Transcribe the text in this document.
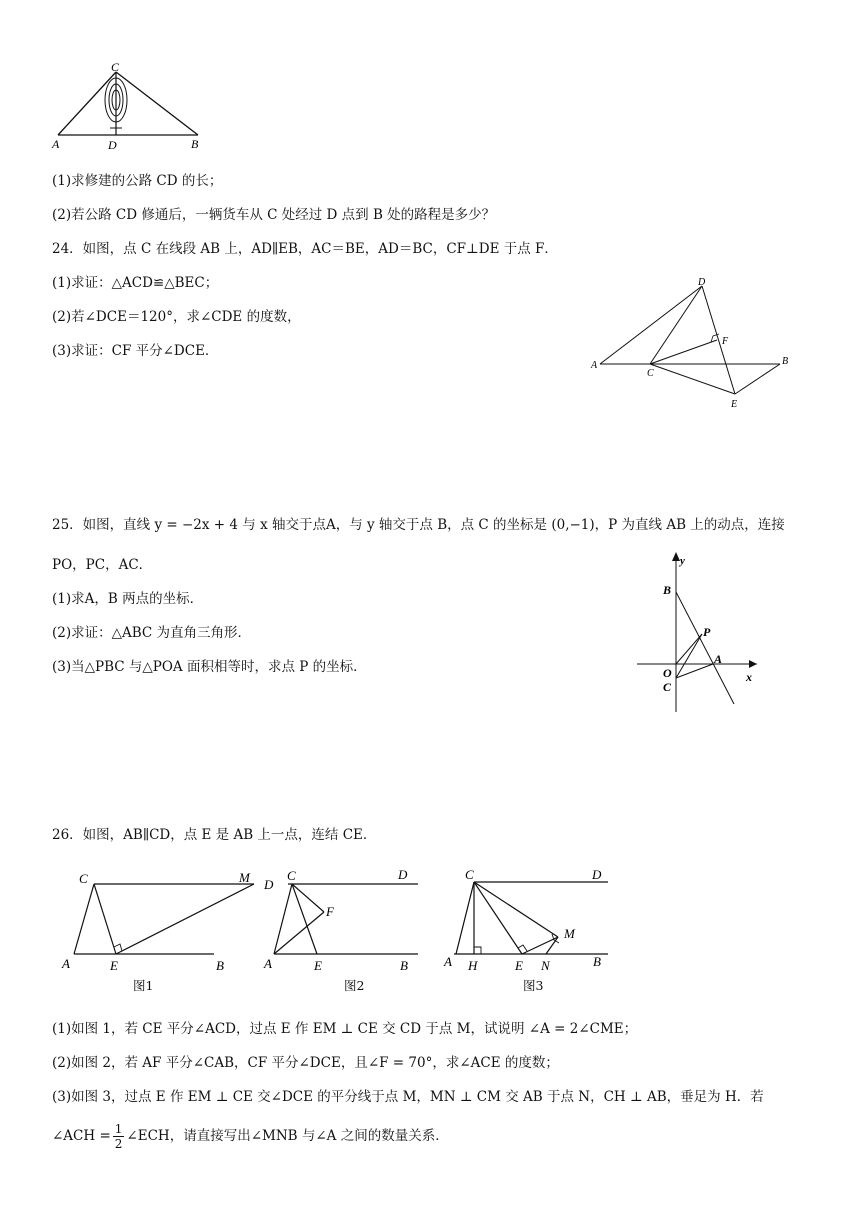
C
A	D	B
(1)求修建的公路 CD 的长；
(2)若公路 CD 修通后，一辆货车从 C 处经过 D 点到 B 处的路程是多少？
24．如图，点 C 在线段 AB 上，AD∥EB，AC＝BE，AD＝BC，CF⊥DE 于点 F．
(1)求证：△ACD≌△BEC；
(2)若∠DCE＝120°，求∠CDE 的度数，
(3)求证：CF 平分∠DCE．
D
F
A
C
B
E
25．如图，直线 y = −2x + 4 与 x 轴交于点A，与 y 轴交于点 B，点 C 的坐标是 (0,−1)，P 为直线 AB 上的动点，连接
PO，PC，AC．
(1)求A，B 两点的坐标．
(2)求证：△ABC 为直角三角形．
(3)当△PBC 与△POA 面积相等时，求点 P 的坐标．
y
B
P
O
A
C
x
26．如图，AB∥CD，点 E 是 AB 上一点，连结 CE．
C	M
A	E	B
图1
D
C	D
F
A	E	B
图2
C	D
M
A H	E N	B
图3
(1)如图 1，若 CE 平分∠ACD，过点 E 作 EM ⊥ CE 交 CD 于点 M，试说明 ∠A = 2∠CME；
(2)如图 2，若 AF 平分∠CAB，CF 平分∠DCE，且∠F = 70°，求∠ACE 的度数；
(3)如图 3，过点 E 作 EM ⊥ CE 交∠DCE 的平分线于点 M，MN ⊥ CM 交 AB 于点 N，CH ⊥ AB，垂足为 H．若
∠ACH = $\frac{1}{2}$ ∠ECH，请直接写出∠MNB 与∠A 之间的数量关系．
